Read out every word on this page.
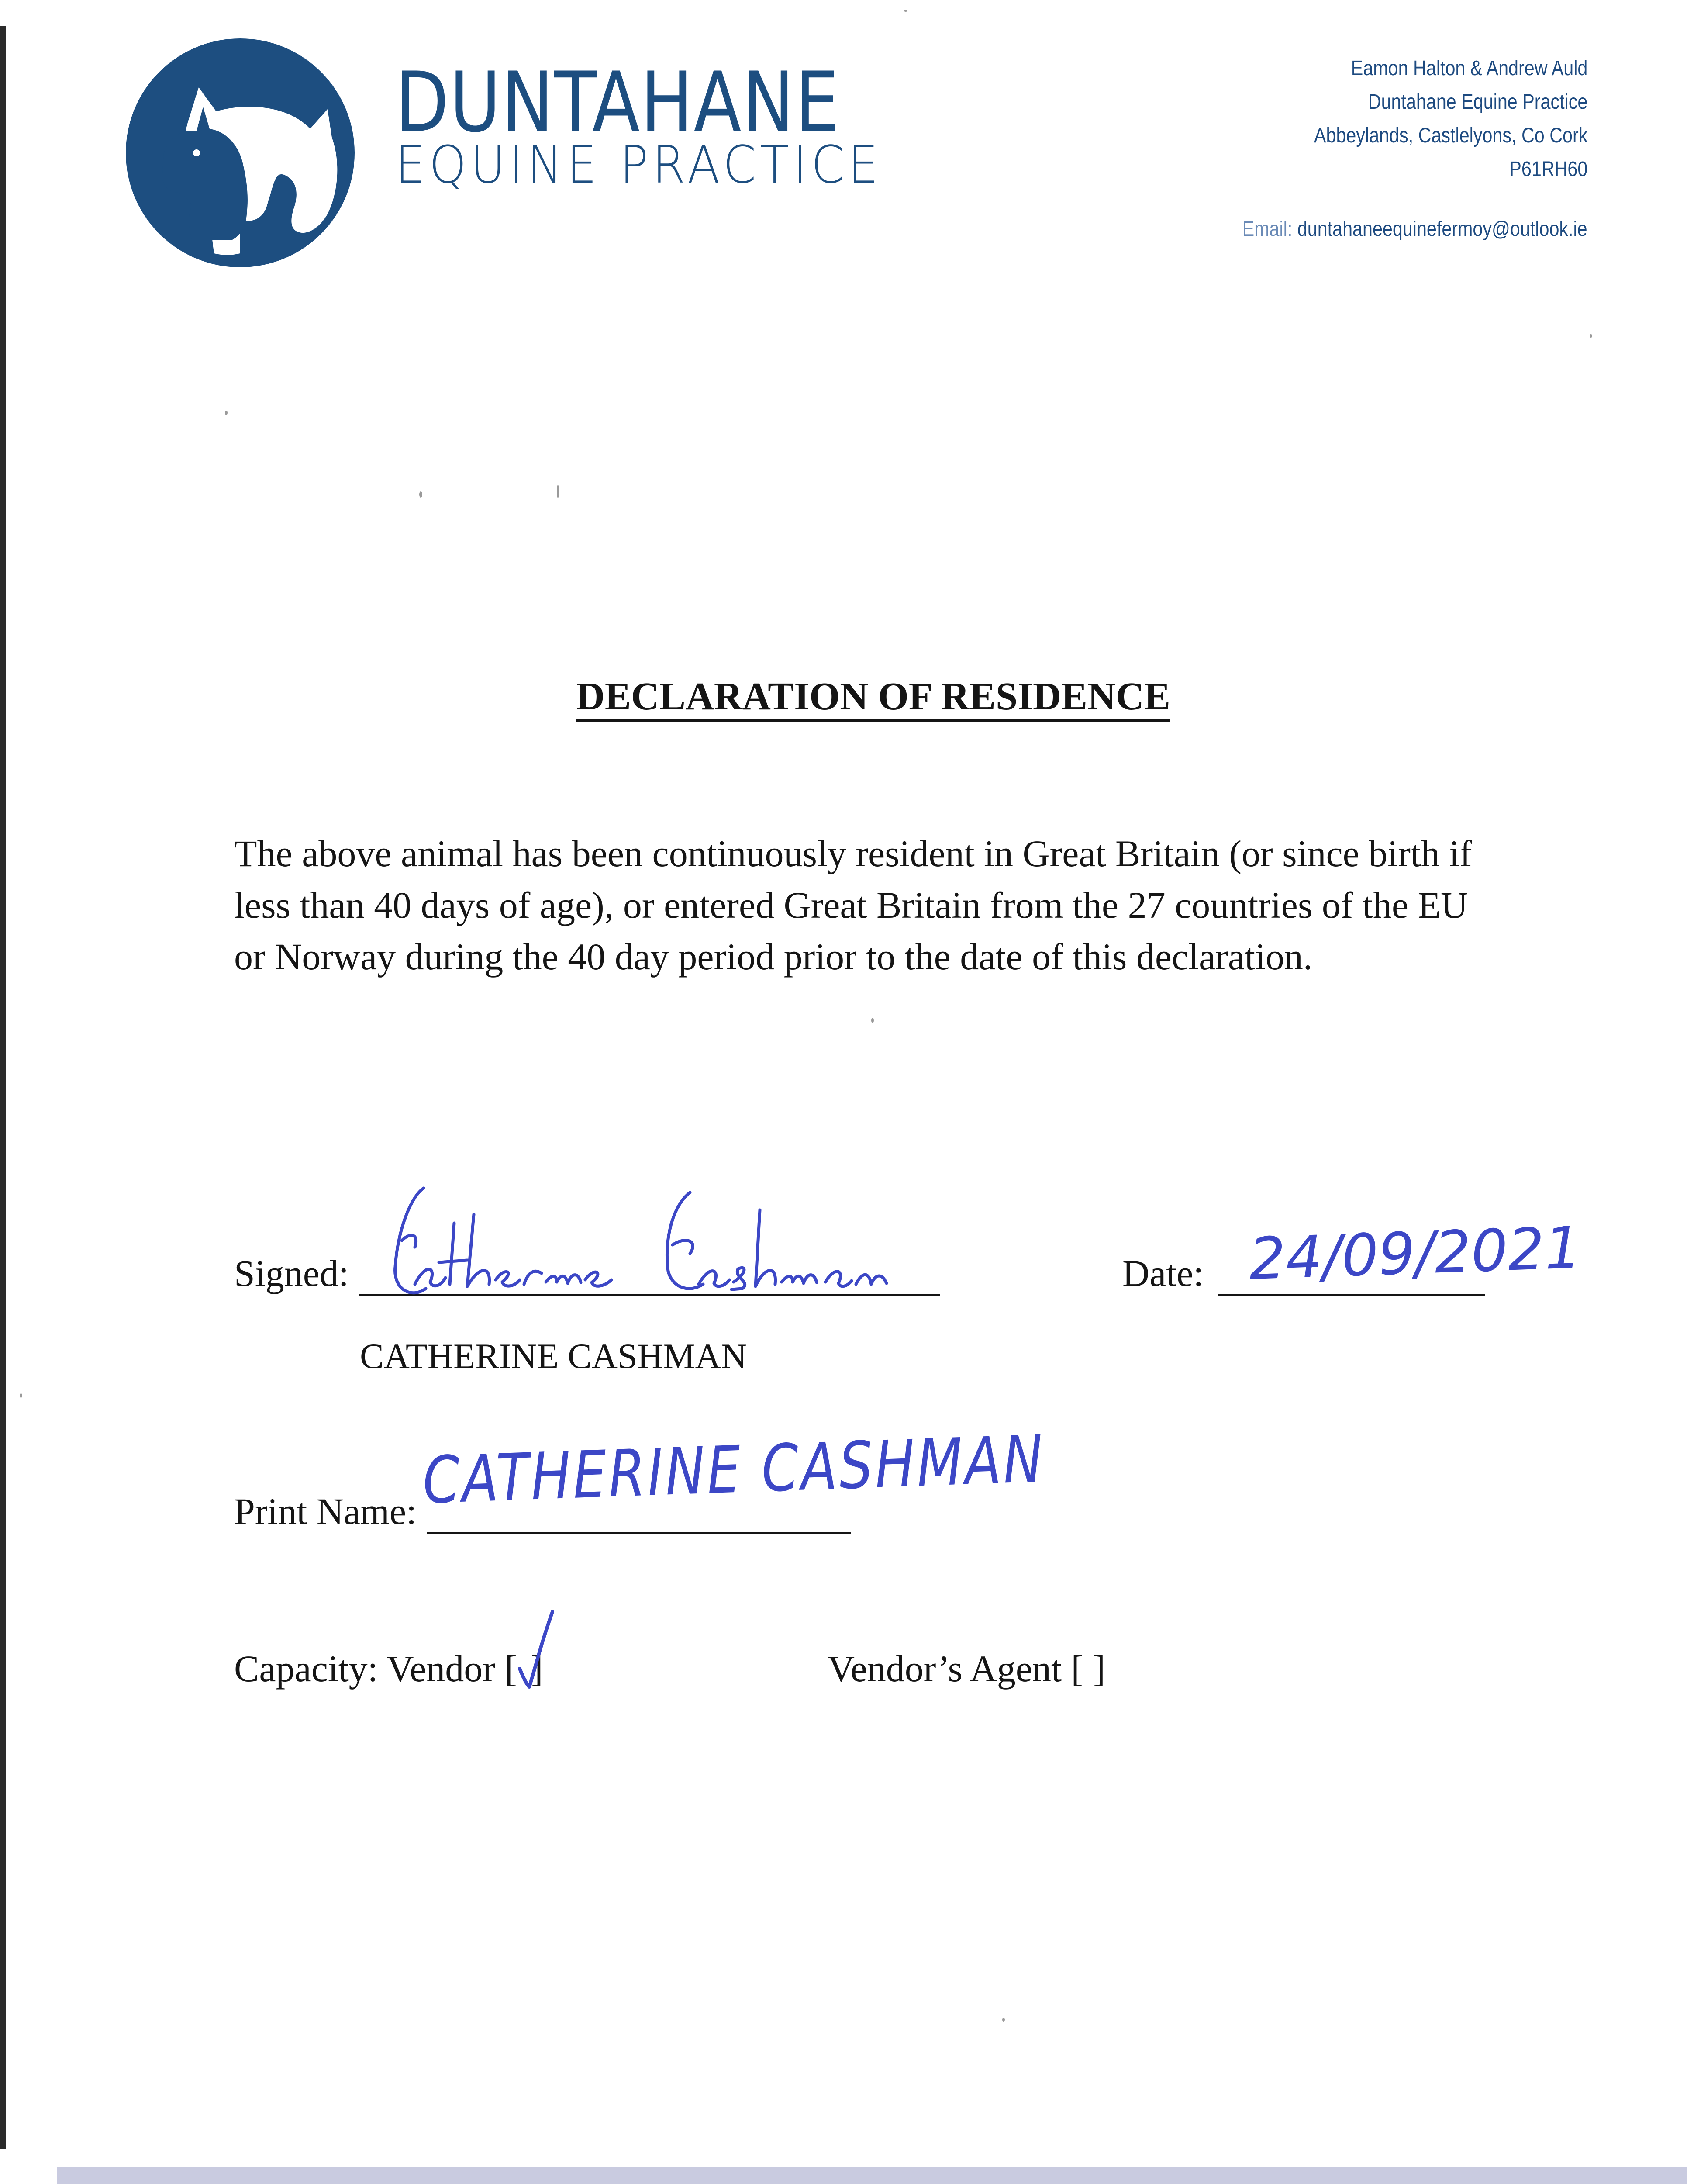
DUNTAHANE
EQUINE PRACTICE
Eamon Halton & Andrew Auld
Duntahane Equine Practice
Abbeylands, Castlelyons, Co Cork
P61RH60
Email: duntahaneequinefermoy@outlook.ie
DECLARATION OF RESIDENCE
The above animal has been continuously resident in Great Britain (or since birth if
less than 40 days of age), or entered Great Britain from the 27 countries of the EU
or Norway during the 40 day period prior to the date of this declaration.
Signed:
CATHERINE CASHMAN
Date: 24/09/2021
Print Name: CATHERINE CASHMAN
Capacity: Vendor [ ]	Vendor’s Agent [ ]
